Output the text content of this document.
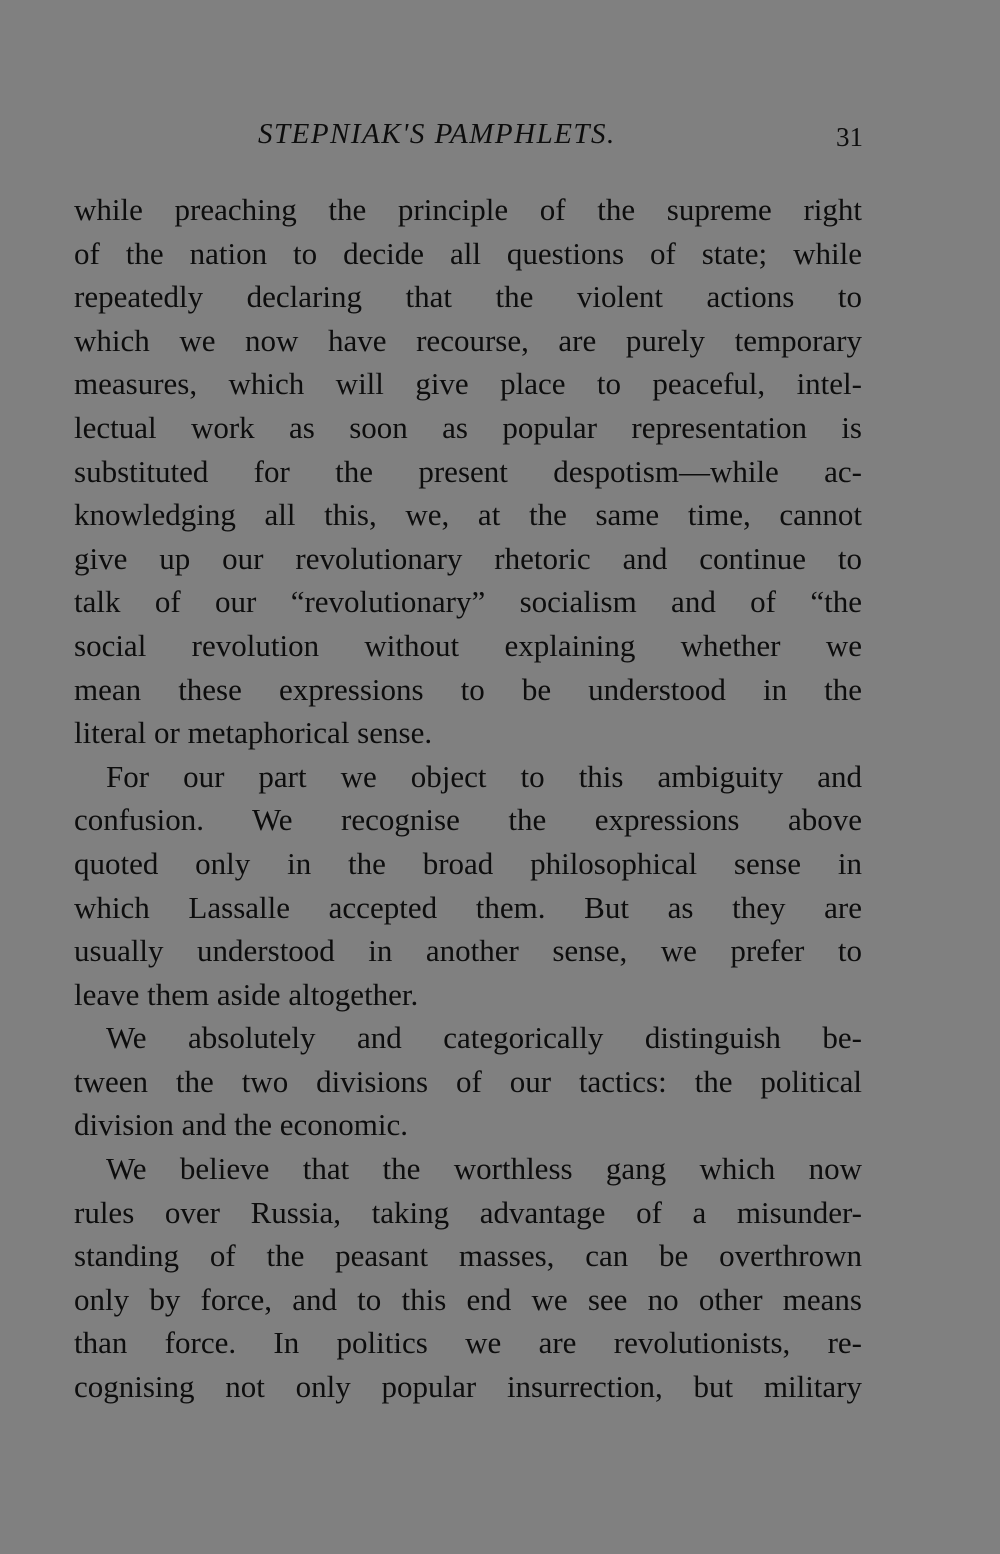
STEPNIAK'S PAMPHLETS.	31
while preaching the principle of the supreme right
of the nation to decide all questions of state; while
repeatedly declaring that the violent actions to
which we now have recourse, are purely temporary
measures, which will give place to peaceful, intel-
lectual work as soon as popular representation is
substituted for the present despotism—while ac-
knowledging all this, we, at the same time, cannot
give up our revolutionary rhetoric and continue to
talk of our “revolutionary” socialism and of “the
social revolution without explaining whether we
mean these expressions to be understood in the
literal or metaphorical sense.
For our part we object to this ambiguity and
confusion. We recognise the expressions above
quoted only in the broad philosophical sense in
which Lassalle accepted them. But as they are
usually understood in another sense, we prefer to
leave them aside altogether.
We absolutely and categorically distinguish be-
tween the two divisions of our tactics: the political
division and the economic.
We believe that the worthless gang which now
rules over Russia, taking advantage of a misunder-
standing of the peasant masses, can be overthrown
only by force, and to this end we see no other means
than force. In politics we are revolutionists, re-
cognising not only popular insurrection, but military
